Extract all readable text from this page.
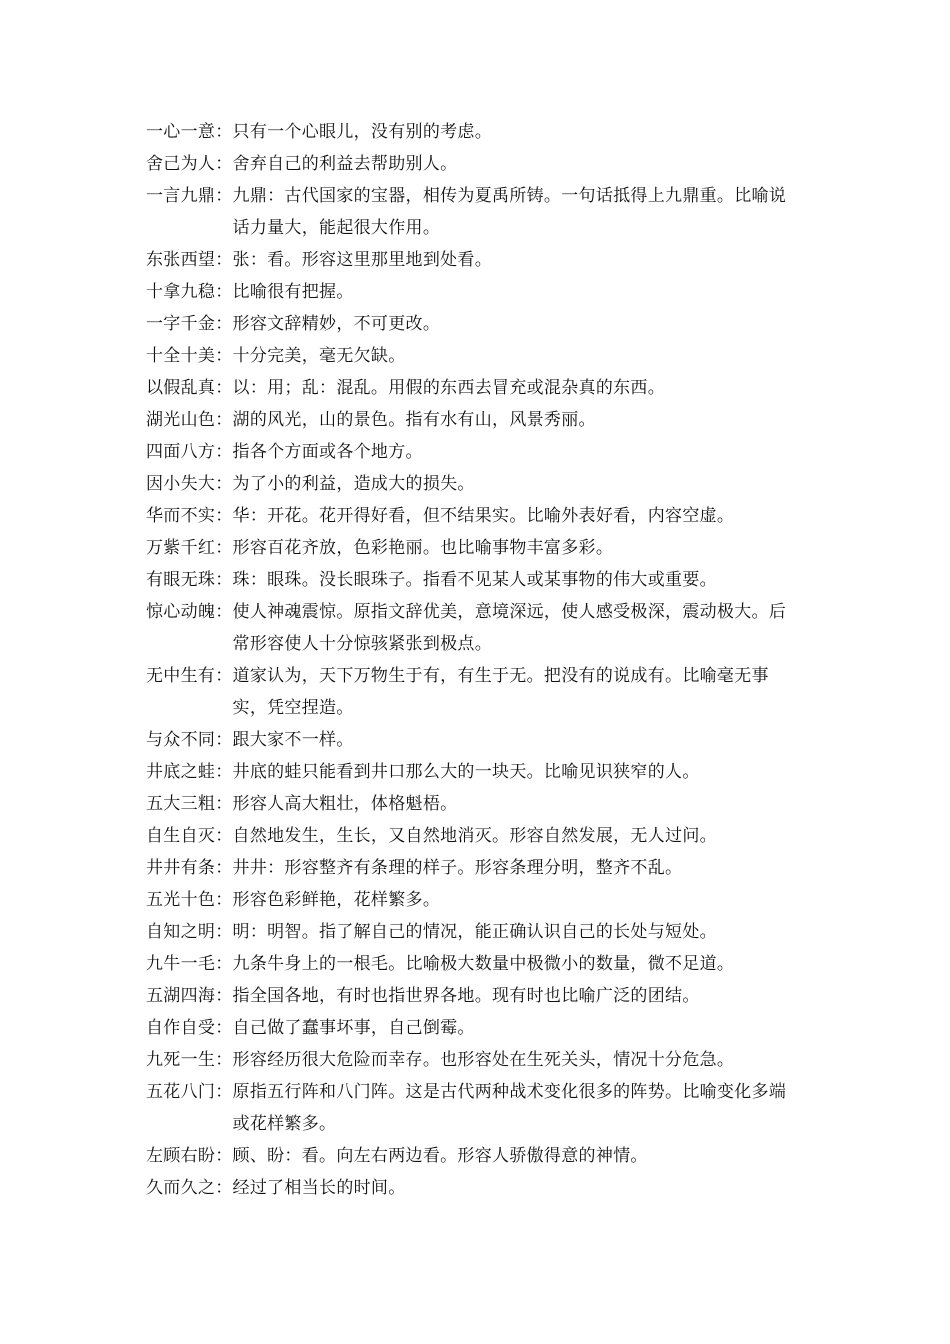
一心一意 ： 只有一个心眼儿，没有别的考虑。
舍己为人 ： 舍弃自己的利益去帮助别人。
一言九鼎 ： 九鼎：古代国家的宝器，相传为夏禹所铸。一句话抵得上九鼎重。比喻说话力量大，能起很大作用。
东张西望 ： 张：看。形容这里那里地到处看。
十拿九稳 ： 比喻很有把握。
一字千金 ： 形容文辞精妙，不可更改。
十全十美 ： 十分完美，毫无欠缺。
以假乱真 ： 以：用；乱：混乱。用假的东西去冒充或混杂真的东西。
湖光山色 ： 湖的风光，山的景色。指有水有山，风景秀丽。
四面八方 ： 指各个方面或各个地方。
因小失大 ： 为了小的利益，造成大的损失。
华而不实 ： 华：开花。花开得好看，但不结果实。比喻外表好看，内容空虚。
万紫千红 ： 形容百花齐放，色彩艳丽。也比喻事物丰富多彩。
有眼无珠 ： 珠：眼珠。没长眼珠子。指看不见某人或某事物的伟大或重要。
惊心动魄 ： 使人神魂震惊。原指文辞优美，意境深远，使人感受极深，震动极大。后常形容使人十分惊骇紧张到极点。
无中生有 ： 道家认为，天下万物生于有，有生于无。把没有的说成有。比喻毫无事实，凭空捏造。
与众不同 ： 跟大家不一样。
井底之蛙 ： 井底的蛙只能看到井口那么大的一块天。比喻见识狭窄的人。
五大三粗 ： 形容人高大粗壮，体格魁梧。
自生自灭 ： 自然地发生，生长，又自然地消灭。形容自然发展，无人过问。
井井有条 ： 井井：形容整齐有条理的样子。形容条理分明，整齐不乱。
五光十色 ： 形容色彩鲜艳，花样繁多。
自知之明 ： 明：明智。指了解自己的情况，能正确认识自己的长处与短处。
九牛一毛 ： 九条牛身上的一根毛。比喻极大数量中极微小的数量，微不足道。
五湖四海 ： 指全国各地，有时也指世界各地。现有时也比喻广泛的团结。
自作自受 ： 自己做了蠢事坏事，自己倒霉。
九死一生 ： 形容经历很大危险而幸存。也形容处在生死关头，情况十分危急。
五花八门 ： 原指五行阵和八门阵。这是古代两种战术变化很多的阵势。比喻变化多端或花样繁多。
左顾右盼 ： 顾、盼：看。向左右两边看。形容人骄傲得意的神情。
久而久之 ： 经过了相当长的时间。
